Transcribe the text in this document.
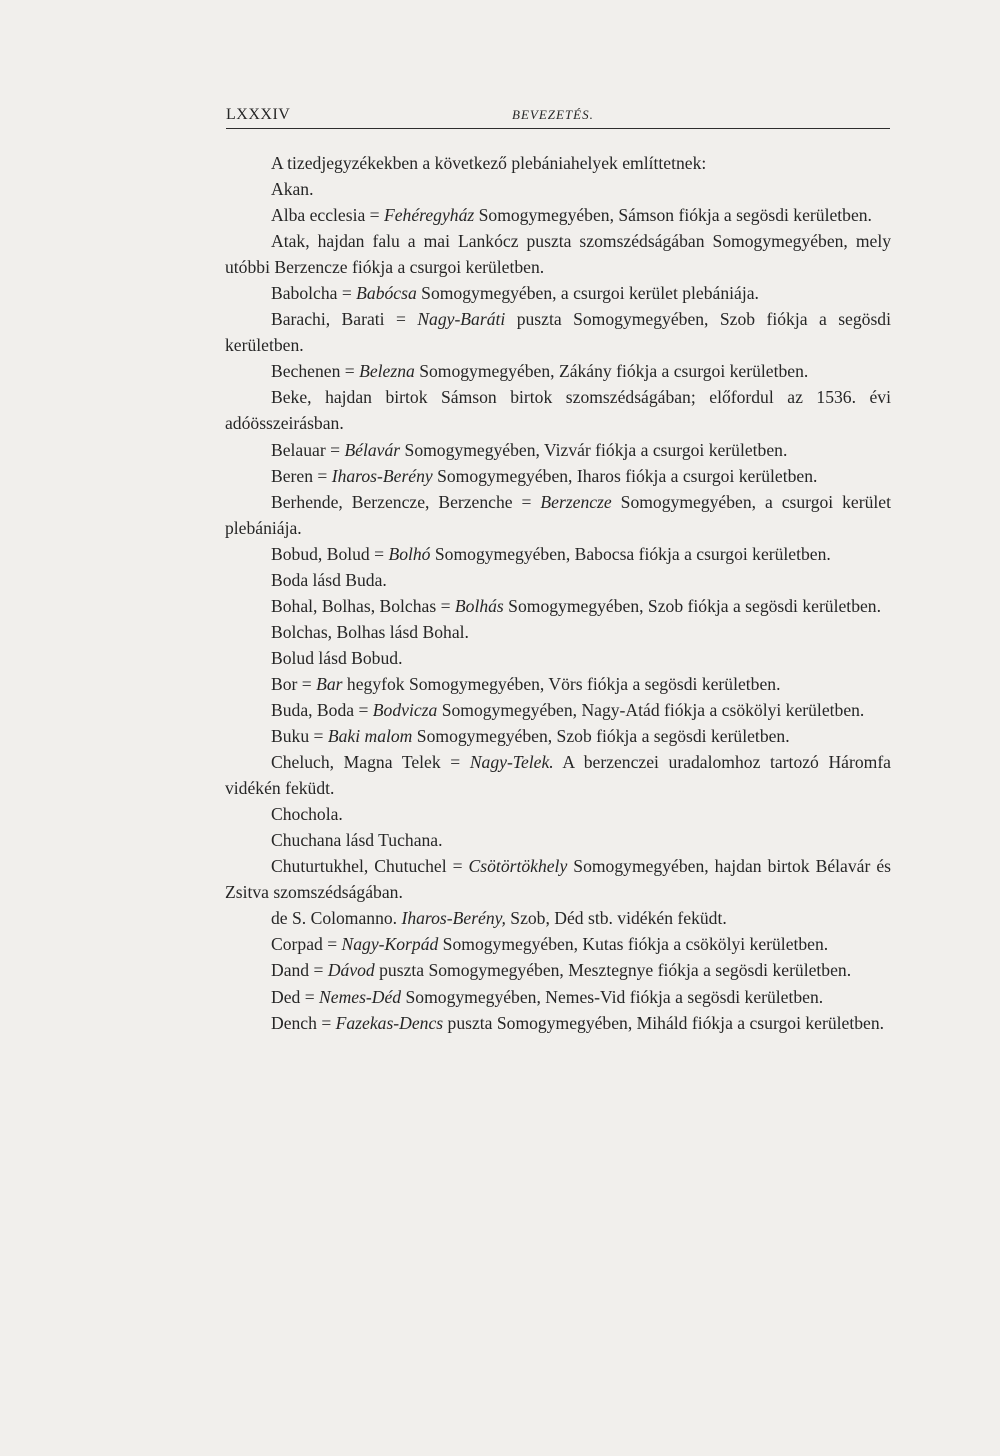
LXXXIV	BEVEZETÉS.

A tizedjegyzékekben a következő plebániahelyek említtetnek:

Akan.

Alba ecclesia = Fehéregyház Somogymegyében, Sámson fiókja a segösdi kerületben.

Atak, hajdan falu a mai Lankócz puszta szomszédságában Somogymegyében, mely utóbbi Berzencze fiókja a csurgoi kerületben.

Babolcha = Babócsa Somogymegyében, a csurgoi kerület plebániája.

Barachi, Barati = Nagy-Baráti puszta Somogymegyében, Szob fiókja a segösdi kerületben.

Bechenen = Belezna Somogymegyében, Zákány fiókja a csurgoi kerületben.

Beke, hajdan birtok Sámson birtok szomszédságában; előfordul az 1536. évi adóösszeirásban.

Belauar = Bélavár Somogymegyében, Vizvár fiókja a csurgoi kerületben.

Beren = Iharos-Berény Somogymegyében, Iharos fiókja a csurgoi kerületben.

Berhende, Berzencze, Berzenche = Berzencze Somogymegyében, a csurgoi kerület plebániája.

Bobud, Bolud = Bolhó Somogymegyében, Babocsa fiókja a csurgoi kerületben.

Boda lásd Buda.

Bohal, Bolhas, Bolchas = Bolhás Somogymegyében, Szob fiókja a segösdi kerületben.

Bolchas, Bolhas lásd Bohal.

Bolud lásd Bobud.

Bor = Bar hegyfok Somogymegyében, Vörs fiókja a segösdi kerületben.

Buda, Boda = Bodvicza Somogymegyében, Nagy-Atád fiókja a csökölyi kerületben.

Buku = Baki malom Somogymegyében, Szob fiókja a segösdi kerületben.

Cheluch, Magna Telek = Nagy-Telek. A berzenczei uradalomhoz tartozó Háromfa vidékén feküdt.

Chochola.

Chuchana lásd Tuchana.

Chuturtukhel, Chutuchel = Csötörtökhely Somogymegyében, hajdan birtok Bélavár és Zsitva szomszédságában.

de S. Colomanno. Iharos-Berény, Szob, Déd stb. vidékén feküdt.

Corpad = Nagy-Korpád Somogymegyében, Kutas fiókja a csökölyi kerületben.

Dand = Dávod puszta Somogymegyében, Mesztegnye fiókja a segösdi kerületben.

Ded = Nemes-Déd Somogymegyében, Nemes-Vid fiókja a segösdi kerületben.

Dench = Fazekas-Dencs puszta Somogymegyében, Miháld fiókja a csurgoi kerületben.
